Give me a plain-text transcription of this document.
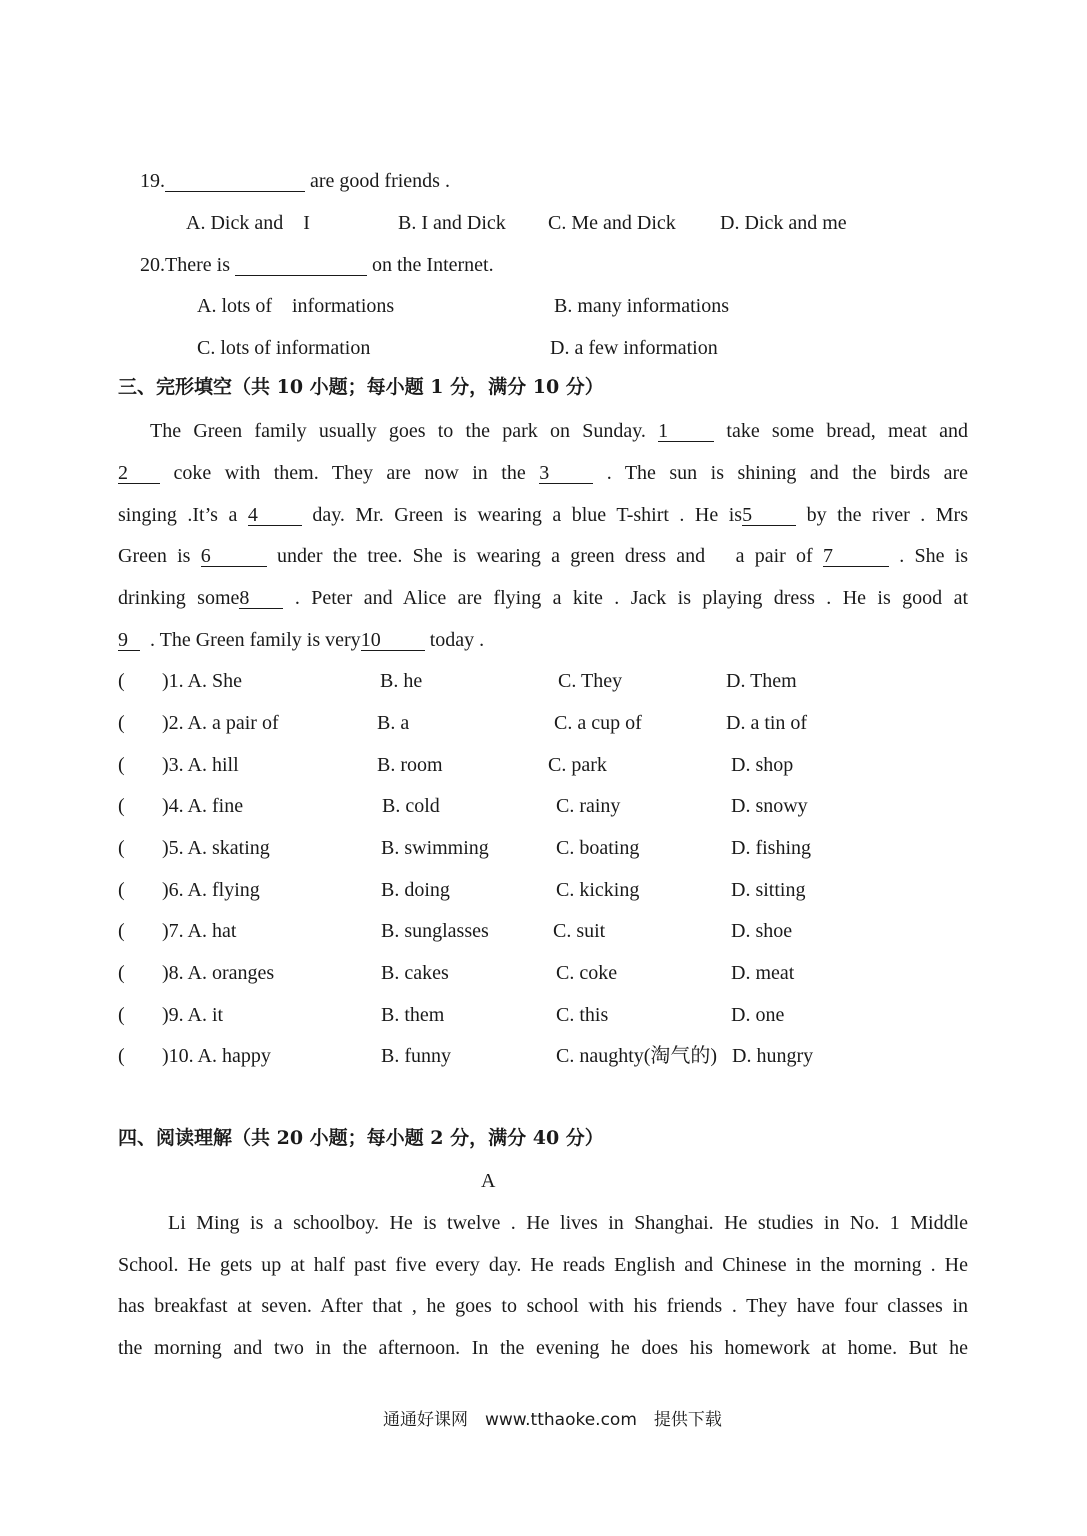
19.	are good friends .
A. Dick and　I	B. I and Dick C. Me and Dick D. Dick and me
20.There is	on the Internet.
A. lots of　informations	B. many informations
C. lots of information	D. a few information
三、完形填空（共 10 小题；每小题 1 分，满分 10 分）
The Green family usually goes to the park on Sunday. 1	take some bread, meat and
2 coke with them. They are now in the 3	. The sun is shining and the birds are
singing .It’s a 4	day. Mr. Green is wearing a blue T-shirt . He is5	by the river . Mrs
Green is 6	under the tree. She is wearing a green dress and　a pair of 7	. She is
drinking some8 . Peter and Alice are flying a kite . Jack is playing dress . He is good at
9 . The Green family is very10 today .
( )1. A. She	B. he	C. They	D. Them
( )2. A. a pair of	B. a	C. a cup of	D. a tin of
( )3. A. hill	B. room	C. park	D. shop
( )4. A. fine	B. cold	C. rainy	D. snowy
( )5. A. skating	B. swimming	C. boating	D. fishing
( )6. A. flying	B. doing	C. kicking	D. sitting
( )7. A. hat	B. sunglasses	C. suit	D. shoe
( )8. A. oranges	B. cakes	C. coke	D. meat
( )9. A. it	B. them	C. this	D. one
( )10. A. happy	B. funny	C. naughty(淘气的) D. hungry
四、阅读理解（共 20 小题；每小题 2 分，满分 40 分）
A
Li Ming is a schoolboy. He is twelve . He lives in Shanghai. He studies in No. 1 Middle
School. He gets up at half past five every day. He reads English and Chinese in the morning . He
has breakfast at seven. After that , he goes to school with his friends . They have four classes in
the morning and two in the afternoon. In the evening he does his homework at home. But he
通通好课网　www.tthaoke.com　提供下载
